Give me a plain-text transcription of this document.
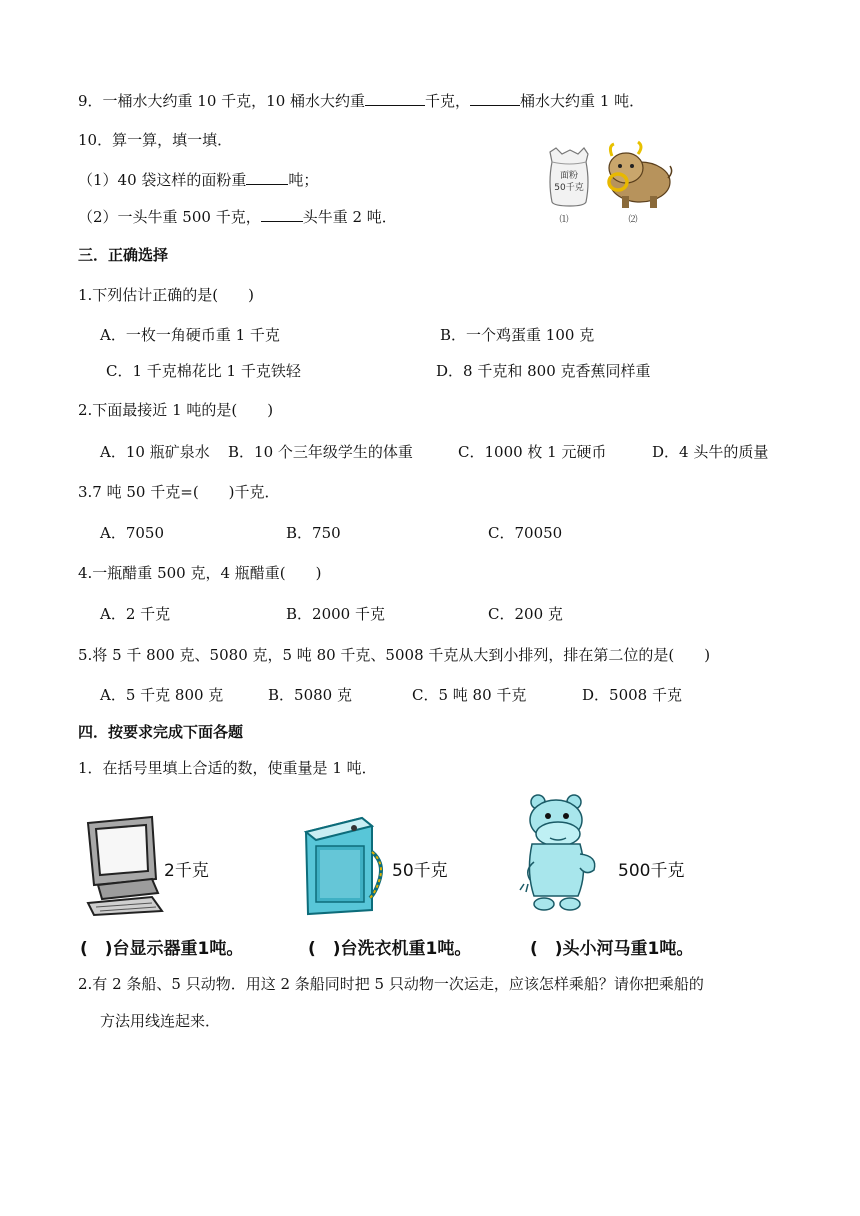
9．一桶水大约重 10 千克，10 桶水大约重	千克，	桶水大约重 1 吨．
10．算一算，填一填．
（1）40 袋这样的面粉重	吨；
（2）一头牛重 500 千克，	头牛重 2 吨．
面粉
50千克
⑴	⑵
三．正确选择
1.下列估计正确的是(　　)
A．一枚一角硬币重 1 千克	B．一个鸡蛋重 100 克
C．1 千克棉花比 1 千克铁轻	D．8 千克和 800 克香蕉同样重
2.下面最接近 1 吨的是(　　)
A．10 瓶矿泉水 B．10 个三年级学生的体重	C．1000 枚 1 元硬币	D．4 头牛的质量
3.7 吨 50 千克=(　　)千克．
A．7050	B．750	C．70050
4.一瓶醋重 500 克，4 瓶醋重(　　)
A．2 千克	B．2000 千克	C．200 克
5.将 5 千 800 克、5080 克，5 吨 80 千克、5008 千克从大到小排列，排在第二位的是(　　)
A．5 千克 800 克	B．5080 克	C．5 吨 80 千克	D．5008 千克
四．按要求完成下面各题
1．在括号里填上合适的数，使重量是 1 吨．
2千克
(　)台显示器重1吨。
50千克
(　)台洗衣机重1吨。
500千克
(　)头小河马重1吨。
2.有 2 条船、5 只动物．用这 2 条船同时把 5 只动物一次运走，应该怎样乘船？请你把乘船的
方法用线连起来．
